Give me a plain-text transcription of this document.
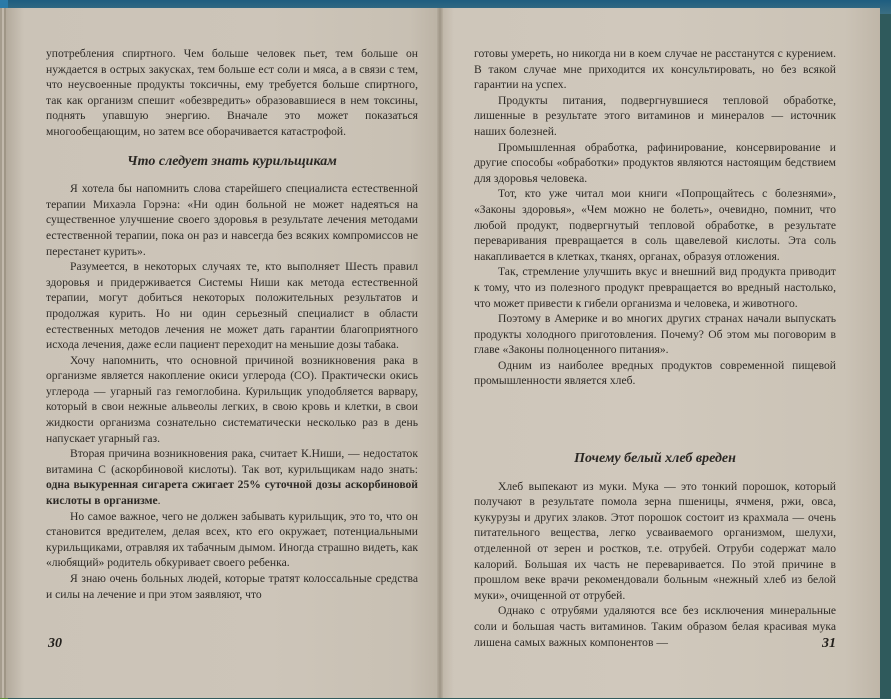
употребления спиртного. Чем больше человек пьет, тем больше он нуждается в острых закусках, тем больше ест соли и мяса, а в связи с тем, что неусвоенные продукты токсичны, ему требуется больше спиртного, так как организм спешит «обезвредить» образовавшиеся в нем токсины, поднять упавшую энергию. Вначале это может показаться многообещающим, но затем все оборачивается катастрофой.

Что следует знать курильщикам

Я хотела бы напомнить слова старейшего специалиста естественной терапии Михаэла Горэна: «Ни один больной не может надеяться на существенное улучшение своего здоровья в результате лечения методами естественной терапии, пока он раз и навсегда без всяких компромиссов не перестанет курить».

Разумеется, в некоторых случаях те, кто выполняет Шесть правил здоровья и придерживается Системы Ниши как метода естественной терапии, могут добиться некоторых положительных результатов и продолжая курить. Но ни один серьезный специалист в области естественных методов лечения не может дать гарантии благоприятного исхода лечения, даже если пациент переходит на меньшие дозы табака.

Хочу напомнить, что основной причиной возникновения рака в организме является накопление окиси углерода (СО). Практически окись углерода — угарный газ гемоглобина. Курильщик уподобляется варвару, который в свои нежные альвеолы легких, в свою кровь и клетки, в свои жидкости организма сознательно систематически несколько раз в день напускает угарный газ.

Вторая причина возникновения рака, считает К.Ниши, — недостаток витамина С (аскорбиновой кислоты). Так вот, курильщикам надо знать: одна выкуренная сигарета сжигает 25% суточной дозы аскорбиновой кислоты в организме.

Но самое важное, чего не должен забывать курильщик, это то, что он становится вредителем, делая всех, кто его окружает, потенциальными курильщиками, отравляя их табачным дымом. Иногда страшно видеть, как «любящий» родитель обкуривает своего ребенка.

Я знаю очень больных людей, которые тратят колоссальные средства и силы на лечение и при этом заявляют, что

30

готовы умереть, но никогда ни в коем случае не расстанутся с курением. В таком случае мне приходится их консультировать, но без всякой гарантии на успех.

Продукты питания, подвергнувшиеся тепловой обработке, лишенные в результате этого витаминов и минералов — источник наших болезней.

Промышленная обработка, рафинирование, консервирование и другие способы «обработки» продуктов являются настоящим бедствием для здоровья человека.

Тот, кто уже читал мои книги «Попрощайтесь с болезнями», «Законы здоровья», «Чем можно не болеть», очевидно, помнит, что любой продукт, подвергнутый тепловой обработке, в результате переваривания превращается в соль щавелевой кислоты. Эта соль накапливается в клетках, тканях, органах, образуя отложения.

Так, стремление улучшить вкус и внешний вид продукта приводит к тому, что из полезного продукт превращается во вредный настолько, что может привести к гибели организма и человека, и животного.

Поэтому в Америке и во многих других странах начали выпускать продукты холодного приготовления. Почему? Об этом мы поговорим в главе «Законы полноценного питания».

Одним из наиболее вредных продуктов современной пищевой промышленности является хлеб.

Почему белый хлеб вреден

Хлеб выпекают из муки. Мука — это тонкий порошок, который получают в результате помола зерна пшеницы, ячменя, ржи, овса, кукурузы и других злаков. Этот порошок состоит из крахмала — очень питательного вещества, легко усваиваемого организмом, шелухи, отделенной от зерен и ростков, т.е. отрубей. Отруби содержат мало калорий. Большая их часть не переваривается. По этой причине в прошлом веке врачи рекомендовали больным «нежный хлеб из белой муки», очищенной от отрубей.

Однако с отрубями удаляются все без исключения минеральные соли и большая часть витаминов. Таким образом белая красивая мука лишена самых важных компонентов —	31
